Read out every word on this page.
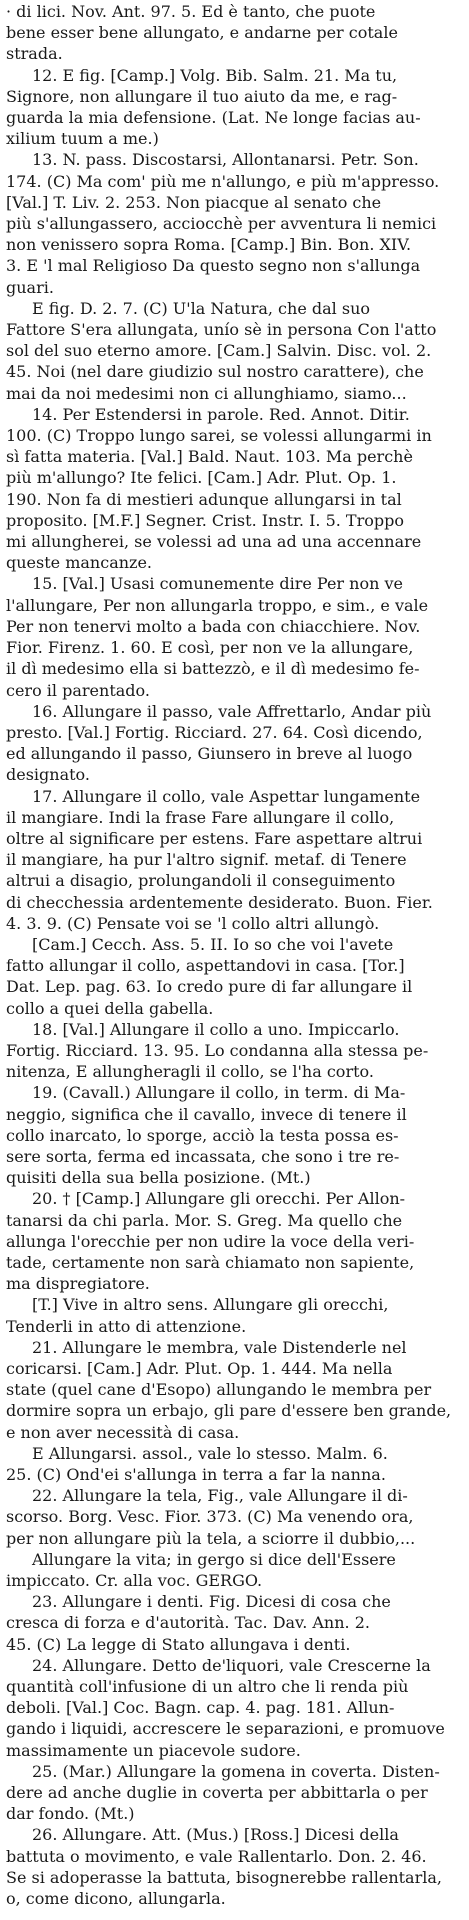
· di lici. Nov. Ant. 97. 5. Ed è tanto, che puote
bene esser bene allungato, e andarne per cotale
strada.

12. E fig. [Camp.] Volg. Bib. Salm. 21. Ma tu,
Signore, non allungare il tuo aiuto da me, e rag-
guarda la mia defensione. (Lat. Ne longe facias au-
xilium tuum a me.)

13. N. pass. Discostarsi, Allontanarsi. Petr. Son.
174. (C) Ma com' più me n'allungo, e più m'appresso.
[Val.] T. Liv. 2. 253. Non piacque al senato che
più s'allungassero, acciocchè per avventura li nemici
non venissero sopra Roma. [Camp.] Bin. Bon. XIV.
3. E 'l mal Religioso Da questo segno non s'allunga
guari.

E fig. D. 2. 7. (C) U'la Natura, che dal suo
Fattore S'era allungata, unío sè in persona Con l'atto
sol del suo eterno amore. [Cam.] Salvin. Disc. vol. 2.
45. Noi (nel dare giudizio sul nostro carattere), che
mai da noi medesimi non ci allunghiamo, siamo...

14. Per Estendersi in parole. Red. Annot. Ditir.
100. (C) Troppo lungo sarei, se volessi allungarmi in
sì fatta materia. [Val.] Bald. Naut. 103. Ma perchè
più m'allungo? Ite felici. [Cam.] Adr. Plut. Op. 1.
190. Non fa di mestieri adunque allungarsi in tal
proposito. [M.F.] Segner. Crist. Instr. I. 5. Troppo
mi allungherei, se volessi ad una ad una accennare
queste mancanze.

15. [Val.] Usasi comunemente dire Per non ve
l'allungare, Per non allungarla troppo, e sim., e vale
Per non tenervi molto a bada con chiacchiere. Nov.
Fior. Firenz. 1. 60. E così, per non ve la allungare,
il dì medesimo ella si battezzò, e il dì medesimo fe-
cero il parentado.

16. Allungare il passo, vale Affrettarlo, Andar più
presto. [Val.] Fortig. Ricciard. 27. 64. Così dicendo,
ed allungando il passo, Giunsero in breve al luogo
designato.

17. Allungare il collo, vale Aspettar lungamente
il mangiare. Indi la frase Fare allungare il collo,
oltre al significare per estens. Fare aspettare altrui
il mangiare, ha pur l'altro signif. metaf. di Tenere
altrui a disagio, prolungandoli il conseguimento
di checchessia ardentemente desiderato. Buon. Fier.
4. 3. 9. (C) Pensate voi se 'l collo altri allungò.

[Cam.] Cecch. Ass. 5. II. Io so che voi l'avete
fatto allungar il collo, aspettandovi in casa. [Tor.]
Dat. Lep. pag. 63. Io credo pure di far allungare il
collo a quei della gabella.

18. [Val.] Allungare il collo a uno. Impiccarlo.
Fortig. Ricciard. 13. 95. Lo condanna alla stessa pe-
nitenza, E allungheragli il collo, se l'ha corto.

19. (Cavall.) Allungare il collo, in term. di Ma-
neggio, significa che il cavallo, invece di tenere il
collo inarcato, lo sporge, acciò la testa possa es-
sere sorta, ferma ed incassata, che sono i tre re-
quisiti della sua bella posizione. (Mt.)

20. † [Camp.] Allungare gli orecchi. Per Allon-
tanarsi da chi parla. Mor. S. Greg. Ma quello che
allunga l'orecchie per non udire la voce della veri-
tade, certamente non sarà chiamato non sapiente,
ma dispregiatore.

[T.] Vive in altro sens. Allungare gli orecchi,
Tenderli in atto di attenzione.

21. Allungare le membra, vale Distenderle nel
coricarsi. [Cam.] Adr. Plut. Op. 1. 444. Ma nella
state (quel cane d'Esopo) allungando le membra per
dormire sopra un erbajo, gli pare d'essere ben grande,
e non aver necessità di casa.

E Allungarsi. assol., vale lo stesso. Malm. 6.
25. (C) Ond'ei s'allunga in terra a far la nanna.

22. Allungare la tela, Fig., vale Allungare il di-
scorso. Borg. Vesc. Fior. 373. (C) Ma venendo ora,
per non allungare più la tela, a sciorre il dubbio,...

Allungare la vita; in gergo si dice dell'Essere
impiccato. Cr. alla voc. GERGO.

23. Allungare i denti. Fig. Dicesi di cosa che
cresca di forza e d'autorità. Tac. Dav. Ann. 2.
45. (C) La legge di Stato allungava i denti.

24. Allungare. Detto de'liquori, vale Crescerne la
quantità coll'infusione di un altro che li renda più
deboli. [Val.] Coc. Bagn. cap. 4. pag. 181. Allun-
gando i liquidi, accrescere le separazioni, e promuove
massimamente un piacevole sudore.

25. (Mar.) Allungare la gomena in coverta. Disten-
dere ad anche duglie in coverta per abbittarla o per
dar fondo. (Mt.)

26. Allungare. Att. (Mus.) [Ross.] Dicesi della
battuta o movimento, e vale Rallentarlo. Don. 2. 46.
Se si adoperasse la battuta, bisognerebbe rallentarla,
o, come dicono, allungarla.
